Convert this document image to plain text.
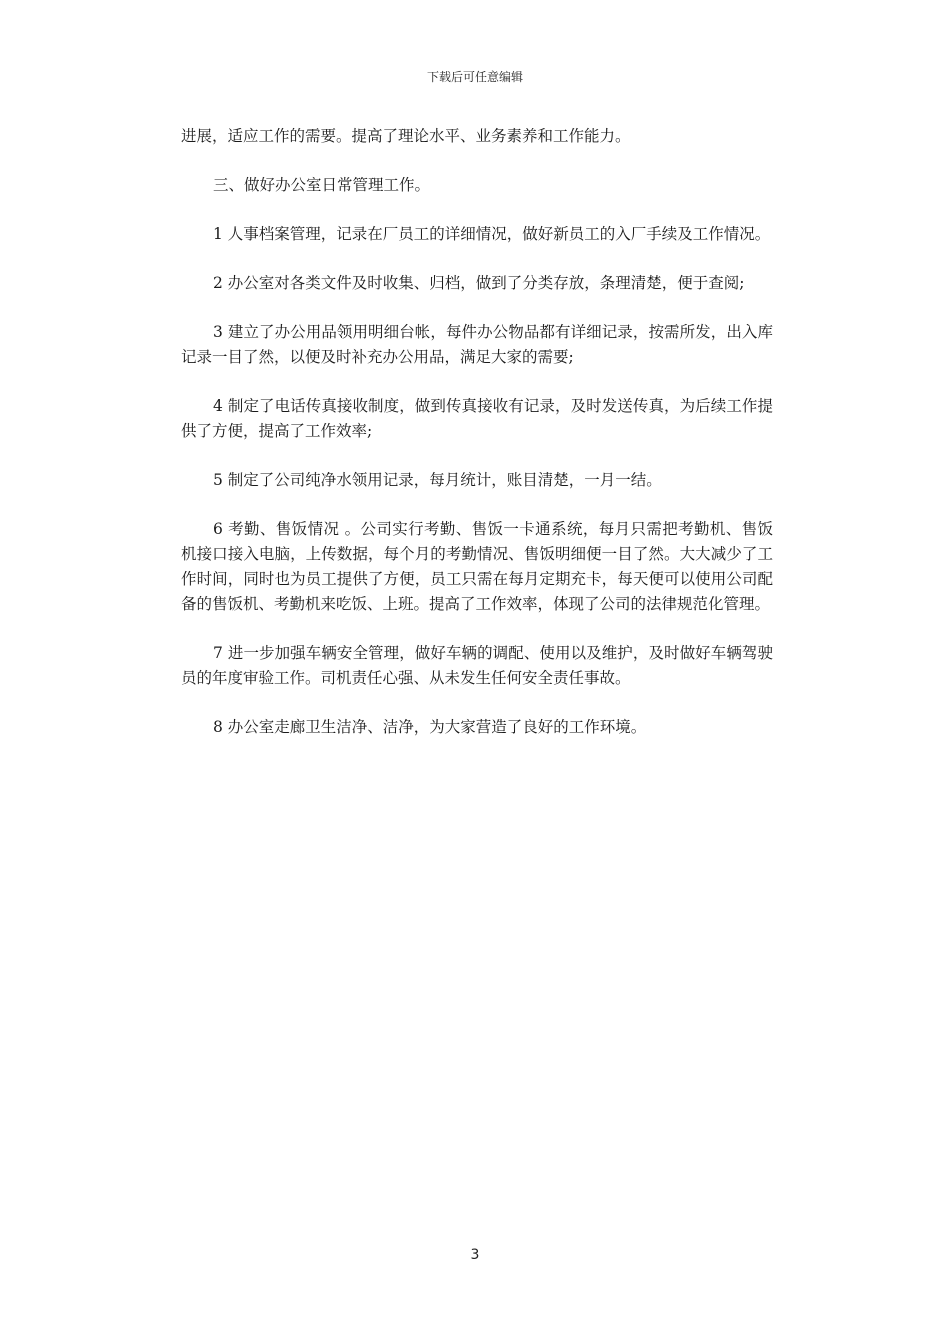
下载后可任意编辑

进展，适应工作的需要。提高了理论水平、业务素养和工作能力。

三、做好办公室日常管理工作。

1 人事档案管理，记录在厂员工的详细情况，做好新员工的入厂手续及工作情况。

2 办公室对各类文件及时收集、归档，做到了分类存放，条理清楚，便于查阅;

3 建立了办公用品领用明细台帐，每件办公物品都有详细记录，按需所发，出入库记录一目了然，以便及时补充办公用品，满足大家的需要;

4 制定了电话传真接收制度，做到传真接收有记录，及时发送传真，为后续工作提供了方便，提高了工作效率;

5 制定了公司纯净水领用记录，每月统计，账目清楚，一月一结。

6 考勤、售饭情况 。公司实行考勤、售饭一卡通系统，每月只需把考勤机、售饭机接口接入电脑，上传数据，每个月的考勤情况、售饭明细便一目了然。大大减少了工作时间，同时也为员工提供了方便，员工只需在每月定期充卡，每天便可以使用公司配备的售饭机、考勤机来吃饭、上班。提高了工作效率，体现了公司的法律规范化管理。

7 进一步加强车辆安全管理，做好车辆的调配、使用以及维护，及时做好车辆驾驶员的年度审验工作。司机责任心强、从未发生任何安全责任事故。

8 办公室走廊卫生洁净、洁净，为大家营造了良好的工作环境。

3
